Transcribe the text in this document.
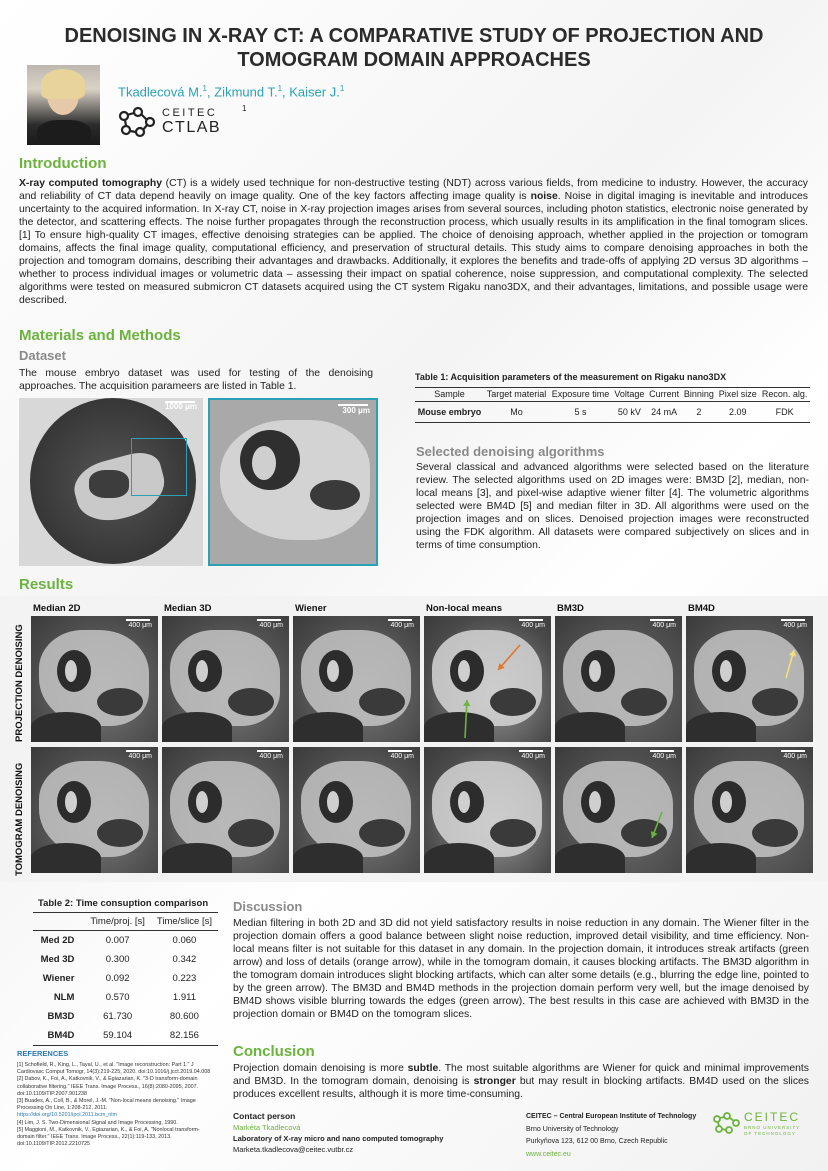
DENOISING IN X-RAY CT: A COMPARATIVE STUDY OF PROJECTION AND TOMOGRAM DOMAIN APPROACHES
Tkadlecová M.$^1$, Zikmund T.$^1$, Kaiser J.$^1$
CEITEC
CTLAB
1
Introduction
X-ray computed tomography (CT) is a widely used technique for non-destructive testing (NDT) across various fields, from medicine to industry. However, the accuracy and reliability of CT data depend heavily on image quality. One of the key factors affecting image quality is noise. Noise in digital imaging is inevitable and introduces uncertainty to the acquired information. In X-ray CT, noise in X-ray projection images arises from several sources, including photon statistics, electronic noise generated by the detector, and scattering effects. The noise further propagates through the reconstruction process, which usually results in its amplification in the final tomogram slices. [1] To ensure high-quality CT images, effective denoising strategies can be applied. The choice of denoising approach, whether applied in the projection or tomogram domains, affects the final image quality, computational efficiency, and preservation of structural details. This study aims to compare denoising approaches in both the projection and tomogram domains, describing their advantages and drawbacks. Additionally, it explores the benefits and trade-offs of applying 2D versus 3D algorithms – whether to process individual images or volumetric data – assessing their impact on spatial coherence, noise suppression, and computational complexity. The selected algorithms were tested on measured submicron CT datasets acquired using the CT system Rigaku nano3DX, and their advantages, limitations, and possible usage were described.
Materials and Methods
Dataset
The mouse embryo dataset was used for testing of the denoising approaches. The acquisition parameers are listed in Table 1.
1000 μm	300 μm
Table 1: Acquisition parameters of the measurement on Rigaku nano3DX
Sample	Target material	Exposure time	Voltage	Current	Binning	Pixel size	Recon. alg.
Mouse embryo	Mo	5 s	50 kV	24 mA	2	2.09	FDK
Selected denoising algorithms
Several classical and advanced algorithms were selected based on the literature review. The selected algorithms used on 2D images were: BM3D [2], median, non-local means [3], and pixel-wise adaptive wiener filter [4]. The volumetric algorithms selected were BM4D [5] and median filter in 3D. All algorithms were used on the projection images and on slices. Denoised projection images were reconstructed using the FDK algorithm. All datasets were compared subjectively on slices and in terms of time consumption.
Results
Median 2D	Median 3D	Wiener	Non-local means	BM3D	BM4D
PROJECTION DENOISING
TOMOGRAM DENOISING
400 μm	400 μm	400 μm	400 μm	400 μm	400 μm
400 μm	400 μm	400 μm	400 μm	400 μm	400 μm
Table 2: Time consuption comparison
	Time/proj. [s]	Time/slice [s]
Med 2D	0.007	0.060
Med 3D	0.300	0.342
Wiener	0.092	0.223
NLM	0.570	1.911
BM3D	61.730	80.600
BM4D	59.104	82.156
Discussion
Median filtering in both 2D and 3D did not yield satisfactory results in noise reduction in any domain. The Wiener filter in the projection domain offers a good balance between slight noise reduction, improved detail visibility, and time efficiency. Non-local means filter is not suitable for this dataset in any domain. In the projection domain, it introduces streak artifacts (green arrow) and loss of details (orange arrow), while in the tomogram domain, it causes blocking artifacts. The BM3D algorithm in the tomogram domain introduces slight blocking artifacts, which can alter some details (e.g., blurring the edge line, pointed to by the green arrow). The BM3D and BM4D methods in the projection domain perform very well, but the image denoised by BM4D shows visible blurring towards the edges (green arrow). The best results in this case are achieved with BM3D in the projection domain or BM4D on the tomogram slices.
Conclusion
Projection domain denoising is more subtle. The most suitable algorithms are Wiener for quick and minimal improvements and BM3D. In the tomogram domain, denoising is stronger but may result in blocking artifacts. BM4D used on the slices produces excellent results, although it is more time-consuming.
REFERENCES
[1] Schofield, R., King, L., Tayal, U., et al. "Image reconstruction: Part 1." J Cardiovasc Comput Tomogr, 14(3):219-225, 2020. doi:10.1016/j.jcct.2019.04.008
[2] Dabov, K., Foi, A., Katkovnik, V., & Egiazarian, K. "3-D transform-domain collaborative filtering." IEEE Trans. Image Process., 16(8):2080-2095, 2007. doi:10.1109/TIP.2007.901238
[3] Buades, A., Coll, B., & Morel, J.-M. "Non-local means denoising." Image Processing On Line, 1:208-212, 2011.
https://doi.org/10.5201/ipol.2011.bcm_nlm
[4] Lim, J. S. Two-Dimensional Signal and Image Processing, 1990.
[5] Maggioni, M., Katkovnik, V., Egiazarian, K., & Foi, A. "Nonlocal transform-domain filter." IEEE Trans. Image Process., 22(1):119-133, 2013. doi:10.1109/TIP.2012.2210725
Contact person
Markéta Tkadlecová
Laboratory of X-ray micro and nano computed tomography
Marketa.tkadlecova@ceitec.vutbr.cz
CEITEC – Central European Institute of Technology
Brno University of Technology
Purkyňova 123, 612 00 Brno, Czech Republic
www.ceitec.eu
CEITEC
BRNO UNIVERSITY
OF TECHNOLOGY
